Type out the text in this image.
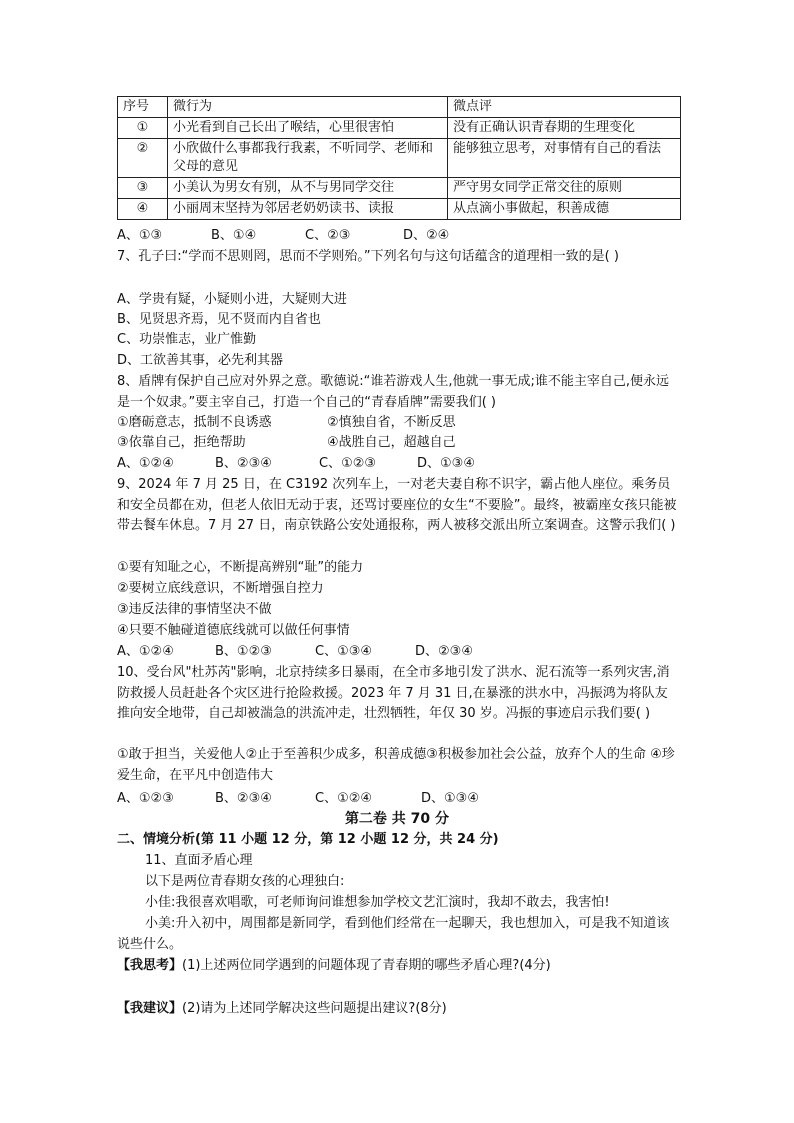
序号	微行为	微点评
①	小光看到自己长出了喉结，心里很害怕	没有正确认识青春期的生理变化
②	小欣做什么事都我行我素，不听同学、老师和父母的意见	能够独立思考，对事情有自己的看法
③	小美认为男女有别，从不与男同学交往	严守男女同学正常交往的原则
④	小丽周末坚持为邻居老奶奶读书、读报	从点滴小事做起，积善成德
A、①③	B、①④	C、②③	D、②④
7、孔子曰:“学而不思则罔，思而不学则殆。”下列名句与这句话蕴含的道理相一致的是( )
A、学贵有疑，小疑则小进，大疑则大进
B、见贤思齐焉，见不贤而内自省也
C、功崇惟志，业广惟勤
D、工欲善其事，必先利其器
8、盾牌有保护自己应对外界之意。歌德说:“谁若游戏人生,他就一事无成;谁不能主宰自己,便永远是一个奴隶。”要主宰自己，打造一个自己的“青春盾牌”需要我们( )
①磨砺意志，抵制不良诱惑	②慎独自省，不断反思
③依靠自己，拒绝帮助	④战胜自己，超越自己
A、①②④	B、②③④	C、①②③	D、①③④
9、2024 年 7 月 25 日，在 C3192 次列车上，一对老夫妻自称不识字，霸占他人座位。乘务员和安全员都在劝，但老人依旧无动于衷，还骂讨要座位的女生“不要脸”。最终，被霸座女孩只能被带去餐车休息。7 月 27 日，南京铁路公安处通报称，两人被移交派出所立案调查。这警示我们( )
①要有知耻之心，不断提高辨别“耻”的能力
②要树立底线意识，不断增强自控力
③违反法律的事情坚决不做
④只要不触碰道德底线就可以做任何事情
A、①②④	B、①②③	C、①③④	D、②③④
10、受台风"杜苏芮"影响，北京持续多日暴雨，在全市多地引发了洪水、泥石流等一系列灾害,消防救援人员赶赴各个灾区进行抢险救援。2023 年 7 月 31 日,在暴涨的洪水中，冯振鸿为将队友推向安全地带，自己却被湍急的洪流冲走，壮烈牺牲，年仅 30 岁。冯振的事迹启示我们要( )
①敢于担当，关爱他人②止于至善积少成多，积善成德③积极参加社会公益，放弃个人的生命 ④珍爱生命，在平凡中创造伟大
A、①②③	B、②③④	C、①②④	D、①③④
第二卷 共 70 分
二、情境分析(第 11 小题 12 分，第 12 小题 12 分，共 24 分)
11、直面矛盾心理
以下是两位青春期女孩的心理独白:
小佳:我很喜欢唱歌，可老师询问谁想参加学校文艺汇演时，我却不敢去，我害怕!
小美:升入初中，周围都是新同学，看到他们经常在一起聊天，我也想加入，可是我不知道该说些什么。
【我思考】(1)上述两位同学遇到的问题体现了青春期的哪些矛盾心理?(4分)
【我建议】(2)请为上述同学解决这些问题提出建议?(8分)
